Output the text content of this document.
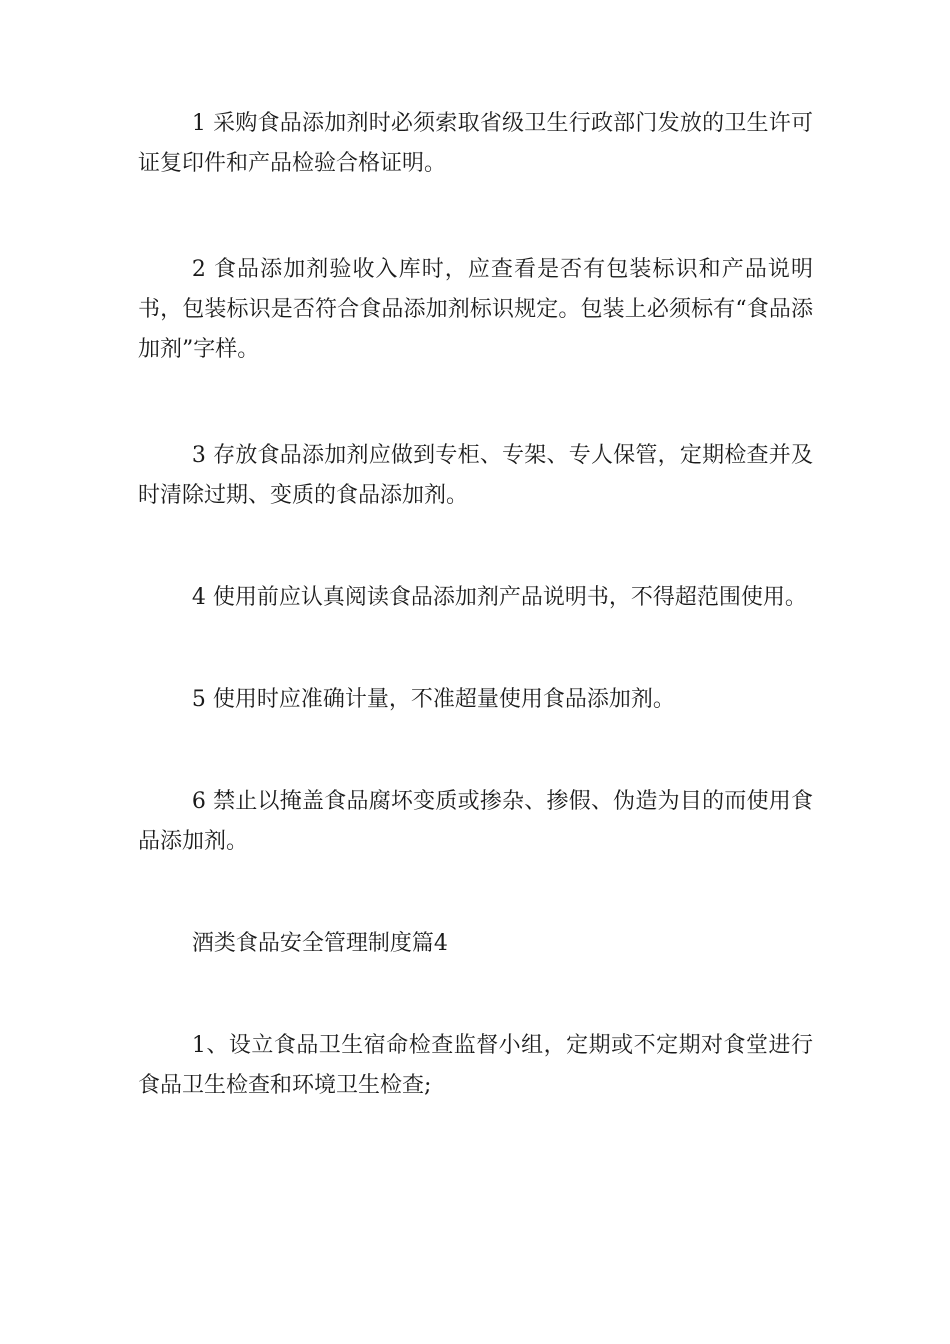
1 采购食品添加剂时必须索取省级卫生行政部门发放的卫生许可证复印件和产品检验合格证明。

2 食品添加剂验收入库时，应查看是否有包装标识和产品说明书，包装标识是否符合食品添加剂标识规定。包装上必须标有“食品添加剂”字样。

3 存放食品添加剂应做到专柜、专架、专人保管，定期检查并及时清除过期、变质的食品添加剂。

4 使用前应认真阅读食品添加剂产品说明书，不得超范围使用。

5 使用时应准确计量，不准超量使用食品添加剂。

6 禁止以掩盖食品腐坏变质或掺杂、掺假、伪造为目的而使用食品添加剂。

酒类食品安全管理制度篇4

1、设立食品卫生宿命检查监督小组，定期或不定期对食堂进行食品卫生检查和环境卫生检查;
